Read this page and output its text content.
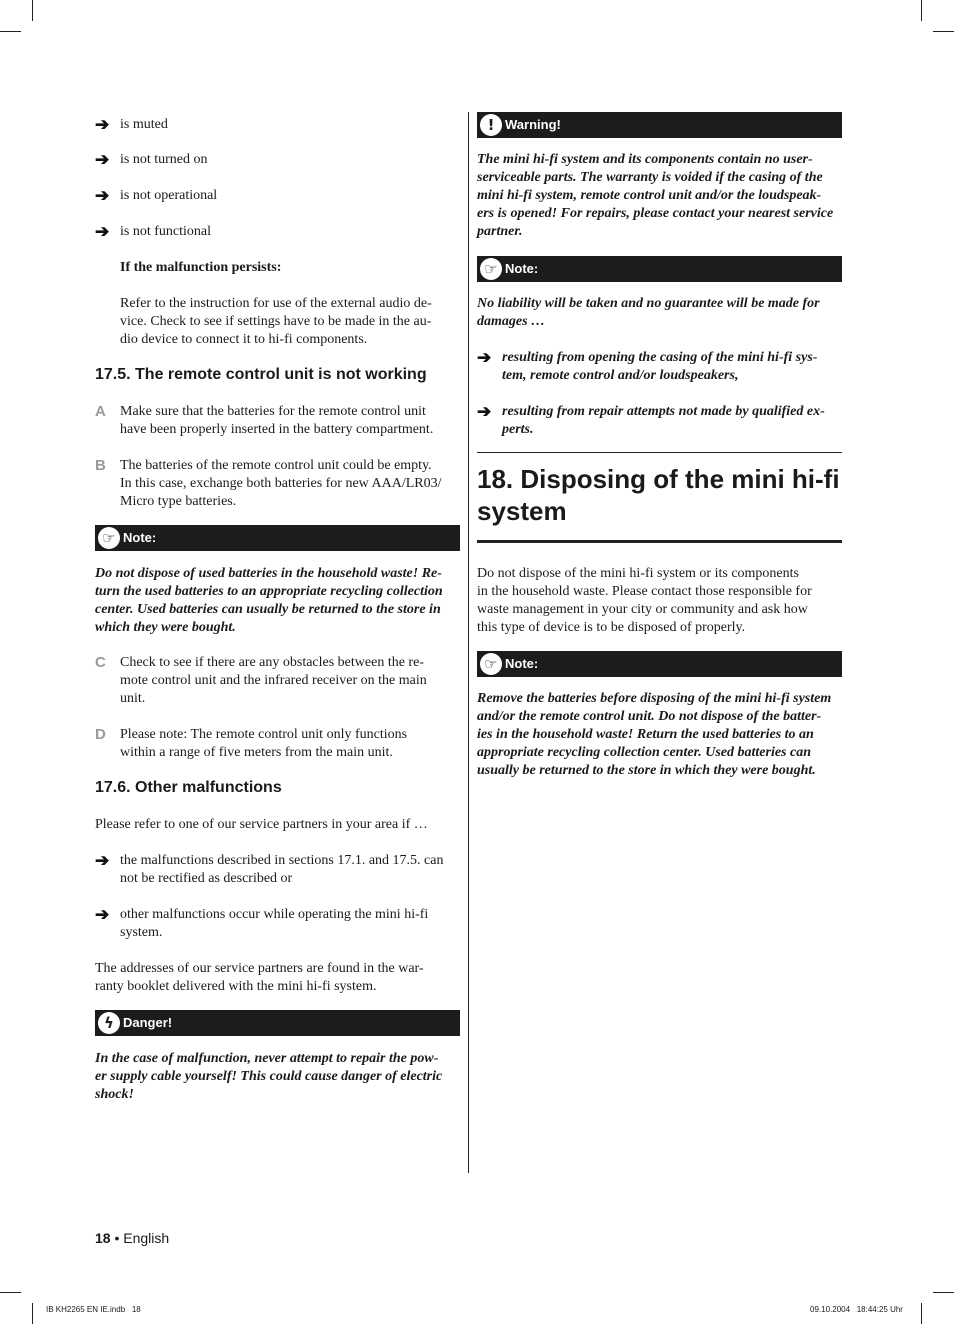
➔ is muted
➔ is not turned on
➔ is not operational
➔ is not functional
If the malfunction persists:
Refer to the instruction for use of the external audio de-
vice. Check to see if settings have to be made in the au-
dio device to connect it to hi-fi components.
17.5. The remote control unit is not working
A Make sure that the batteries for the remote control unit
have been properly inserted in the battery compartment.
B The batteries of the remote control unit could be empty.
In this case, exchange both batteries for new AAA/LR03/
Micro type batteries.
☞ Note:
Do not dispose of used batteries in the household waste! Re-
turn the used batteries to an appropriate recycling collection
center. Used batteries can usually be returned to the store in
which they were bought.
C Check to see if there are any obstacles between the re-
mote control unit and the infrared receiver on the main
unit.
D Please note: The remote control unit only functions
within a range of five meters from the main unit.
17.6. Other malfunctions
Please refer to one of our service partners in your area if …
➔ the malfunctions described in sections 17.1. and 17.5. can
not be rectified as described or
➔ other malfunctions occur while operating the mini hi-fi
system.
The addresses of our service partners are found in the war-
ranty booklet delivered with the mini hi-fi system.
ϟ Danger!
In the case of malfunction, never attempt to repair the pow-
er supply cable yourself! This could cause danger of electric
shock!
! Warning!
The mini hi-fi system and its components contain no user-
serviceable parts. The warranty is voided if the casing of the
mini hi-fi system, remote control unit and/or the loudspeak-
ers is opened! For repairs, please contact your nearest service
partner.
☞ Note:
No liability will be taken and no guarantee will be made for
damages …
➔ resulting from opening the casing of the mini hi-fi sys-
tem, remote control and/or loudspeakers,
➔ resulting from repair attempts not made by qualified ex-
perts.
18. Disposing of the mini hi-fi
system
Do not dispose of the mini hi-fi system or its components
in the household waste. Please contact those responsible for
waste management in your city or community and ask how
this type of device is to be disposed of properly.
☞ Note:
Remove the batteries before disposing of the mini hi-fi system
and/or the remote control unit. Do not dispose of the batter-
ies in the household waste! Return the used batteries to an
appropriate recycling collection center. Used batteries can
usually be returned to the store in which they were bought.
18 • English
IB KH2265 EN IE.indb   18	09.10.2004   18:44:25 Uhr
